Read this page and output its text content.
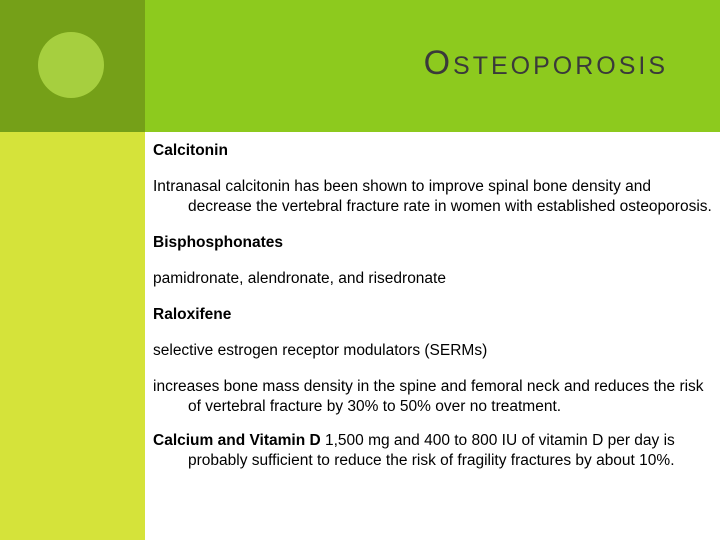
OSTEOPOROSIS
Calcitonin
Intranasal calcitonin has been shown to improve spinal bone density and decrease the vertebral fracture rate in women with established osteoporosis.
Bisphosphonates
pamidronate, alendronate, and risedronate
Raloxifene
selective estrogen receptor modulators (SERMs)
increases bone mass density in the spine and femoral neck and reduces the risk of vertebral fracture by 30% to 50% over no treatment.
Calcium and Vitamin D 1,500 mg and 400 to 800 IU of vitamin D per day is probably sufficient to reduce the risk of fragility fractures by about 10%.
